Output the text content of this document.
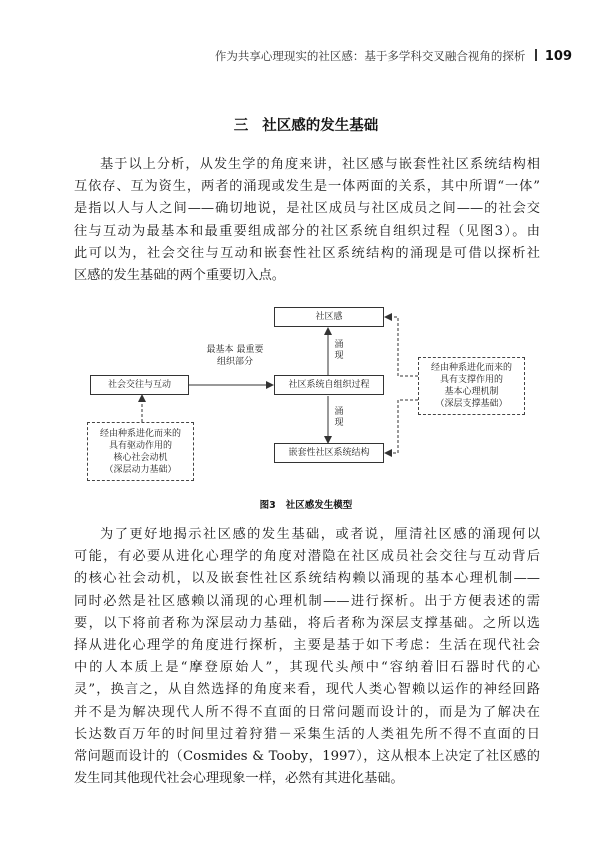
作为共享心理现实的社区感：基于多学科交叉融合视角的探析 109
三 社区感的发生基础
基于以上分析，从发生学的角度来讲，社区感与嵌套性社区系统结构相
互依存、互为资生，两者的涌现或发生是一体两面的关系，其中所谓“一体”
是指以人与人之间——确切地说，是社区成员与社区成员之间——的社会交
往与互动为最基本和最重要组成部分的社区系统自组织过程（见图3）。由
此可以为，社会交往与互动和嵌套性社区系统结构的涌现是可借以探析社
区感的发生基础的两个重要切入点。
社区感
社区系统自组织过程
嵌套性社区系统结构
社会交往与互动
经由种系进化而来的
具有驱动作用的
核心社会动机
（深层动力基础）
经由种系进化而来的
具有支撑作用的
基本心理机制
（深层支撑基础）
最基本 最重要 组织部分
涌 现
涌 现
图3 社区感发生模型
为了更好地揭示社区感的发生基础，或者说，厘清社区感的涌现何以
可能，有必要从进化心理学的角度对潜隐在社区成员社会交往与互动背后
的核心社会动机，以及嵌套性社区系统结构赖以涌现的基本心理机制——
同时必然是社区感赖以涌现的心理机制——进行探析。出于方便表述的需
要，以下将前者称为深层动力基础，将后者称为深层支撑基础。之所以选
择从进化心理学的角度进行探析，主要是基于如下考虑：生活在现代社会
中的人本质上是“摩登原始人”，其现代头颅中“容纳着旧石器时代的心
灵”，换言之，从自然选择的角度来看，现代人类心智赖以运作的神经回路
并不是为解决现代人所不得不直面的日常问题而设计的，而是为了解决在
长达数百万年的时间里过着狩猎－采集生活的人类祖先所不得不直面的日
常问题而设计的（Cosmides & Tooby，1997），这从根本上决定了社区感的
发生同其他现代社会心理现象一样，必然有其进化基础。
